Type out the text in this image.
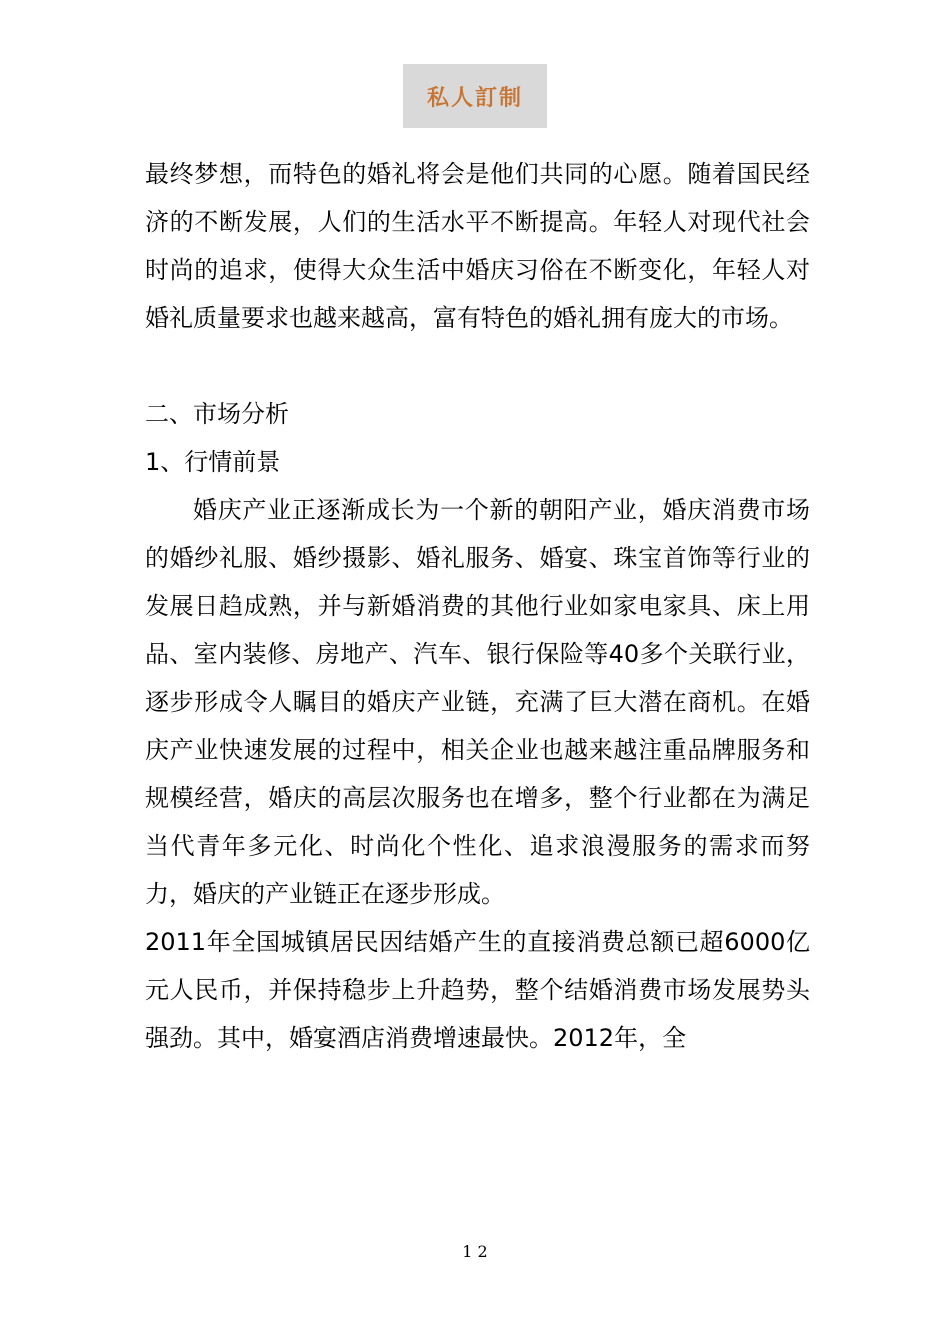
私人訂制

最终梦想，而特色的婚礼将会是他们共同的心愿。随着国民经济的不断发展，人们的生活水平不断提高。年轻人对现代社会时尚的追求，使得大众生活中婚庆习俗在不断变化，年轻人对婚礼质量要求也越来越高，富有特色的婚礼拥有庞大的市场。

二、市场分析

1、行情前景

婚庆产业正逐渐成长为一个新的朝阳产业，婚庆消费市场的婚纱礼服、婚纱摄影、婚礼服务、婚宴、珠宝首饰等行业的发展日趋成熟，并与新婚消费的其他行业如家电家具、床上用品、室内装修、房地产、汽车、银行保险等40多个关联行业，逐步形成令人瞩目的婚庆产业链，充满了巨大潜在商机。在婚庆产业快速发展的过程中，相关企业也越来越注重品牌服务和规模经营，婚庆的高层次服务也在增多，整个行业都在为满足当代青年多元化、时尚化个性化、追求浪漫服务的需求而努力，婚庆的产业链正在逐步形成。

2011年全国城镇居民因结婚产生的直接消费总额已超6000亿元人民币，并保持稳步上升趋势，整个结婚消费市场发展势头强劲。其中，婚宴酒店消费增速最快。2012年，全

1 2
